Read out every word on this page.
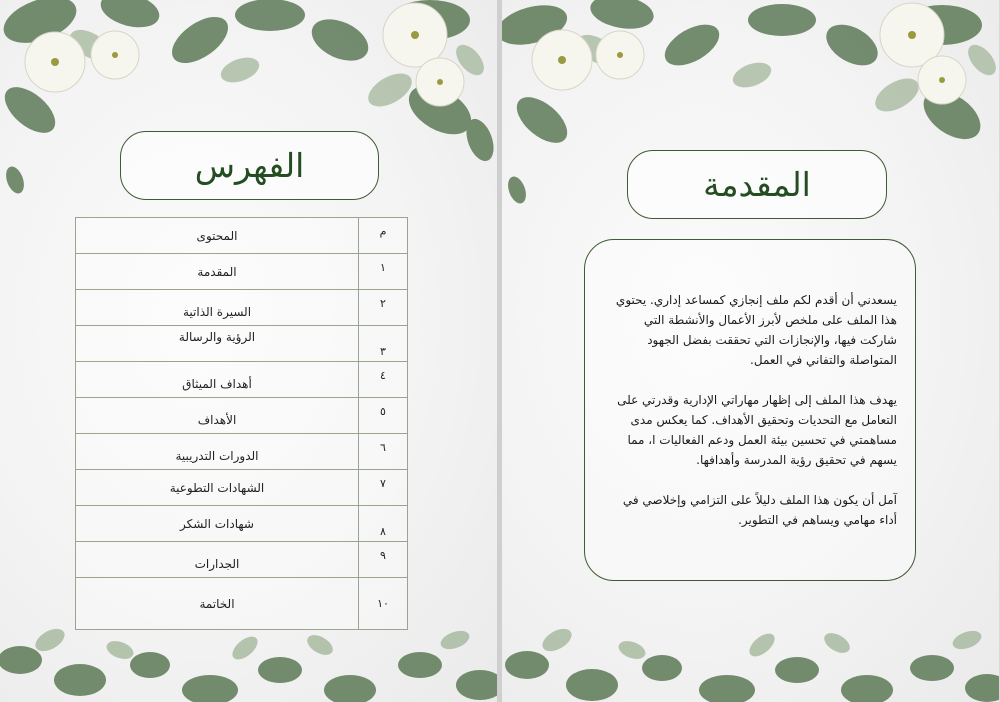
الفهرس
م	المحتوى
١	المقدمة
٢	السيرة الذاتية
٣	الرؤية والرسالة
٤	أهداف الميثاق
٥	الأهداف
٦	الدورات التدريبية
٧	الشهادات التطوعية
٨	شهادات الشكر
٩	الجدارات
١٠	الخاتمة
المقدمة

يسعدني أن أقدم لكم ملف إنجازي كمساعد إداري. يحتوي هذا الملف على ملخص لأبرز الأعمال والأنشطة التي شاركت فيها، والإنجازات التي تحققت بفضل الجهود المتواصلة والتفاني في العمل.

يهدف هذا الملف إلى إظهار مهاراتي الإدارية وقدرتي على التعامل مع التحديات وتحقيق الأهداف. كما يعكس مدى مساهمتي في تحسين بيئة العمل ودعم الفعاليات ا، مما يسهم في تحقيق رؤية المدرسة وأهدافها.

آمل أن يكون هذا الملف دليلاً على التزامي وإخلاصي في أداء مهامي ويساهم في التطوير.
